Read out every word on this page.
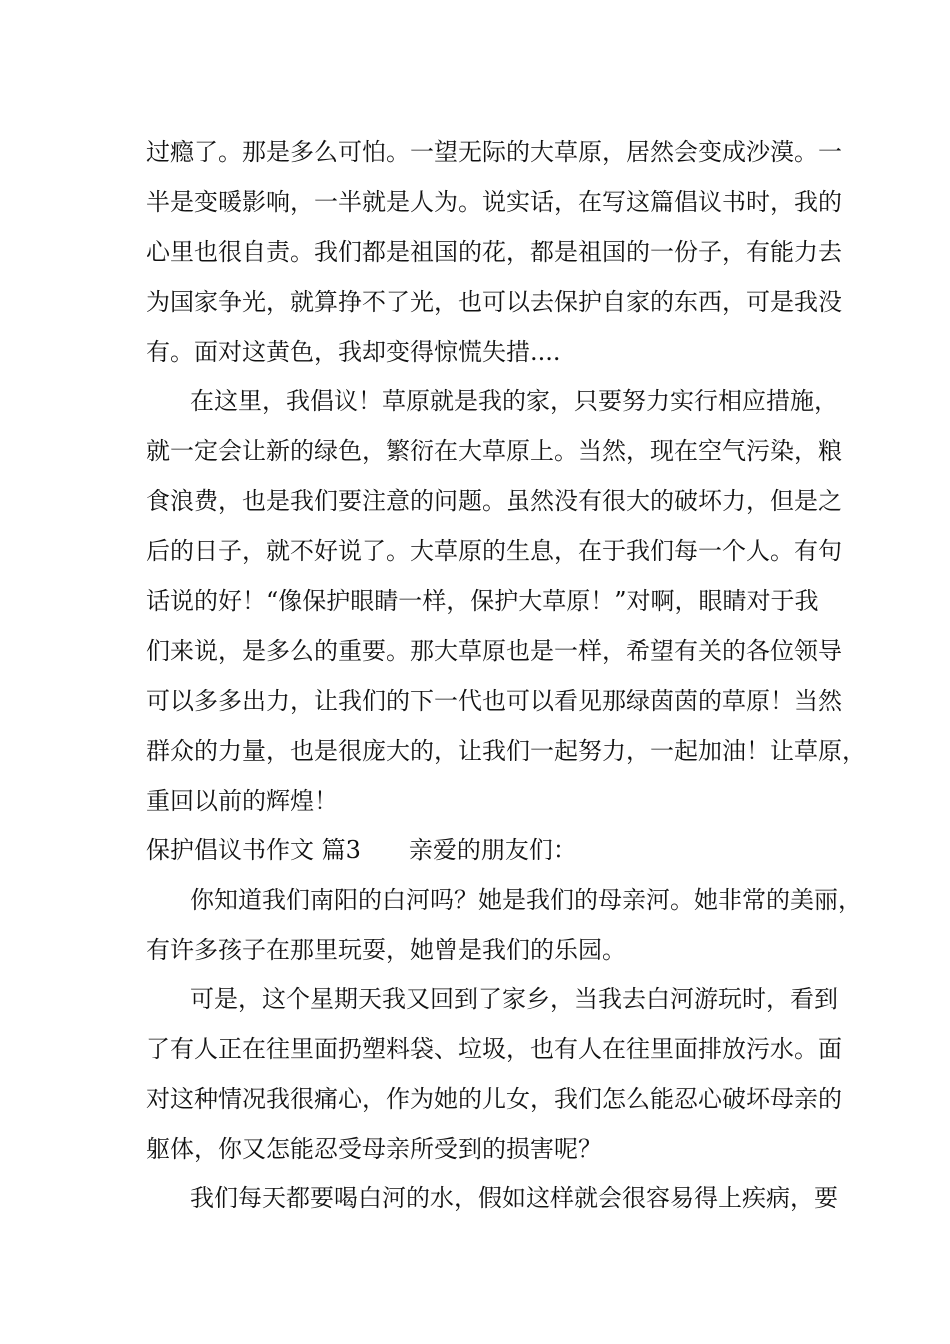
过瘾了。那是多么可怕。一望无际的大草原，居然会变成沙漠。一
半是变暖影响，一半就是人为。说实话，在写这篇倡议书时，我的
心里也很自责。我们都是祖国的花，都是祖国的一份子，有能力去
为国家争光，就算挣不了光，也可以去保护自家的东西，可是我没
有。面对这黄色，我却变得惊慌失措....
在这里，我倡议！草原就是我的家，只要努力实行相应措施，
就一定会让新的绿色，繁衍在大草原上。当然，现在空气污染，粮
食浪费，也是我们要注意的问题。虽然没有很大的破坏力，但是之
后的日子，就不好说了。大草原的生息，在于我们每一个人。有句
话说的好！“像保护眼睛一样，保护大草原！”对啊，眼睛对于我
们来说，是多么的重要。那大草原也是一样，希望有关的各位领导
可以多多出力，让我们的下一代也可以看见那绿茵茵的草原！当然
群众的力量，也是很庞大的，让我们一起努力，一起加油！让草原，
重回以前的辉煌！
保护倡议书作文 篇3 亲爱的朋友们：
你知道我们南阳的白河吗？她是我们的母亲河。她非常的美丽，
有许多孩子在那里玩耍，她曾是我们的乐园。
可是，这个星期天我又回到了家乡，当我去白河游玩时，看到
了有人正在往里面扔塑料袋、垃圾，也有人在往里面排放污水。面
对这种情况我很痛心，作为她的儿女，我们怎么能忍心破坏母亲的
躯体，你又怎能忍受母亲所受到的损害呢？
我们每天都要喝白河的水，假如这样就会很容易得上疾病，要
